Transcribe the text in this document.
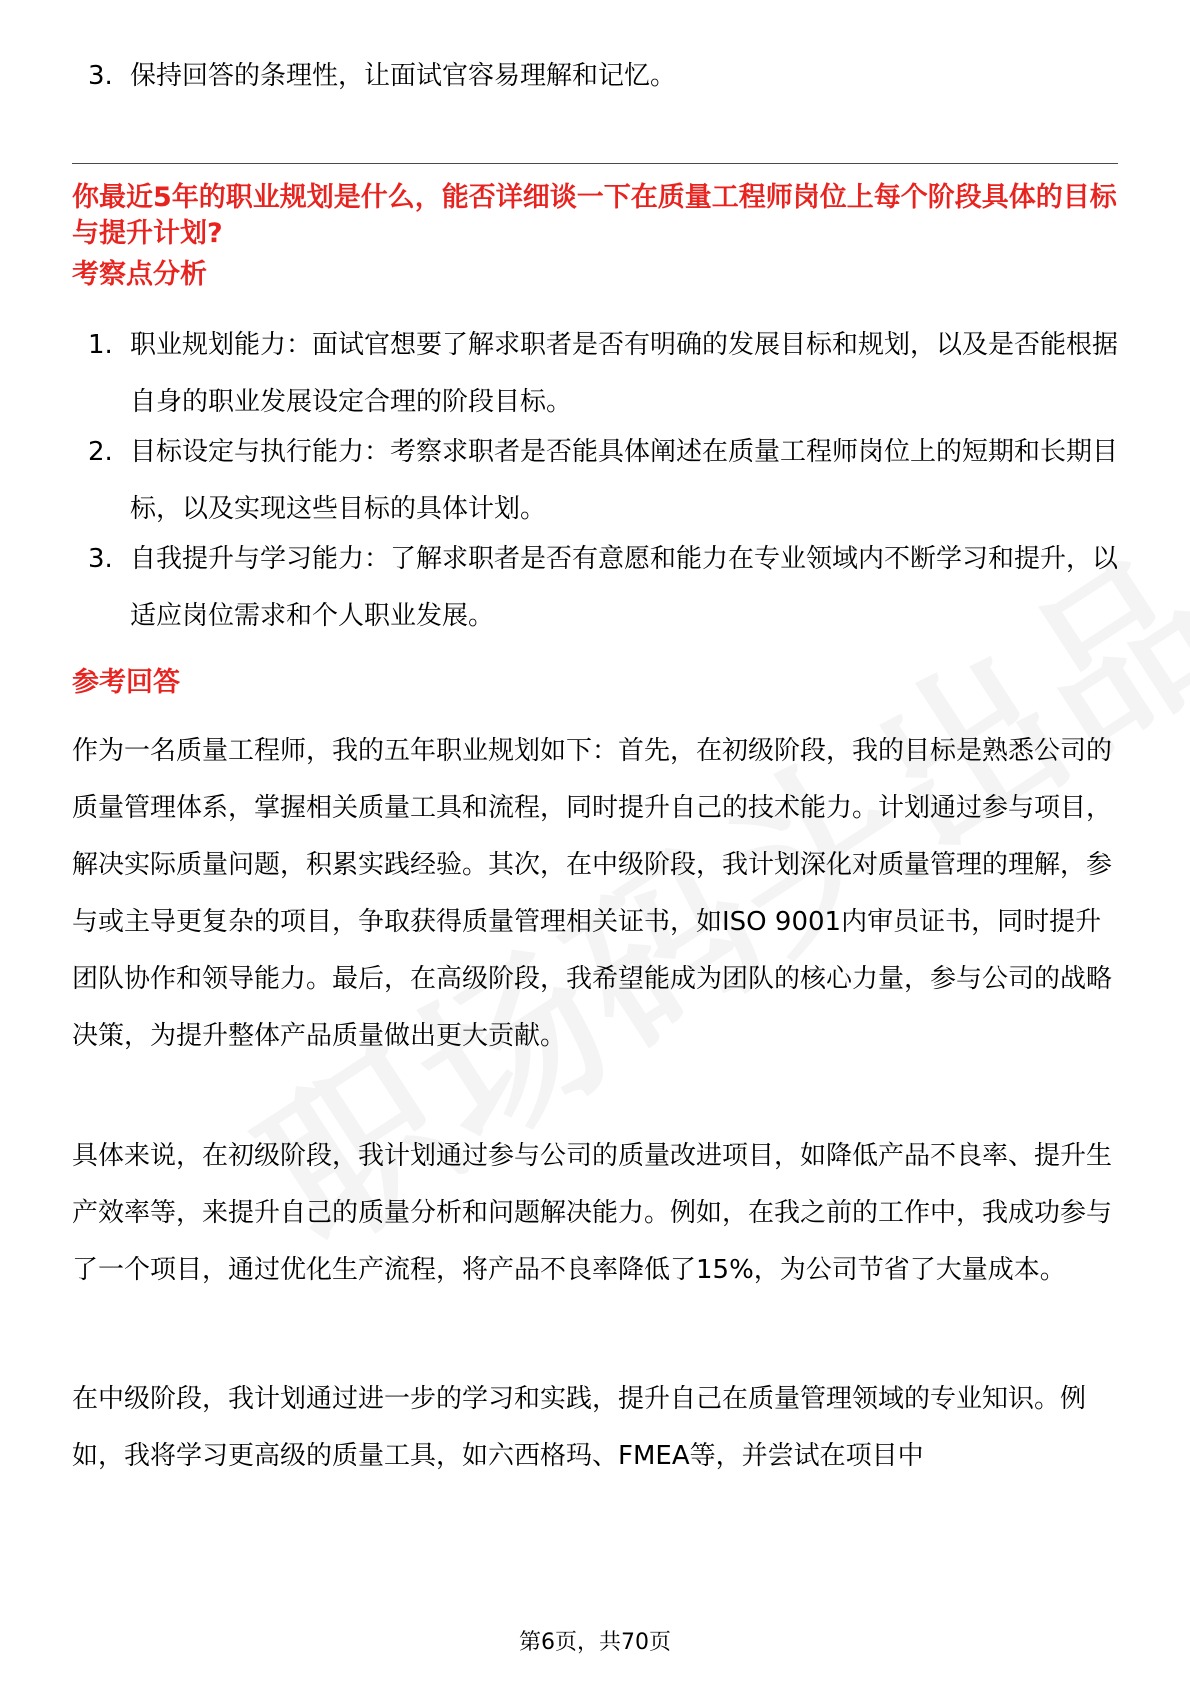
3. 保持回答的条理性，让面试官容易理解和记忆。

你最近5年的职业规划是什么，能否详细谈一下在质量工程师岗位上每个阶段具体的目标与提升计划?
考察点分析

1. 职业规划能力：面试官想要了解求职者是否有明确的发展目标和规划，以及是否能根据自身的职业发展设定合理的阶段目标。

2. 目标设定与执行能力：考察求职者是否能具体阐述在质量工程师岗位上的短期和长期目标，以及实现这些目标的具体计划。

3. 自我提升与学习能力：了解求职者是否有意愿和能力在专业领域内不断学习和提升，以适应岗位需求和个人职业发展。

参考回答

作为一名质量工程师，我的五年职业规划如下：首先，在初级阶段，我的目标是熟悉公司的质量管理体系，掌握相关质量工具和流程，同时提升自己的技术能力。计划通过参与项目，解决实际质量问题，积累实践经验。其次，在中级阶段，我计划深化对质量管理的理解，参与或主导更复杂的项目，争取获得质量管理相关证书，如ISO 9001内审员证书，同时提升团队协作和领导能力。最后，在高级阶段，我希望能成为团队的核心力量，参与公司的战略决策，为提升整体产品质量做出更大贡献。

具体来说，在初级阶段，我计划通过参与公司的质量改进项目，如降低产品不良率、提升生产效率等，来提升自己的质量分析和问题解决能力。例如，在我之前的工作中，我成功参与了一个项目，通过优化生产流程，将产品不良率降低了15%，为公司节省了大量成本。

在中级阶段，我计划通过进一步的学习和实践，提升自己在质量管理领域的专业知识。例如，我将学习更高级的质量工具，如六西格玛、FMEA等，并尝试在项目中

第6页，共70页
